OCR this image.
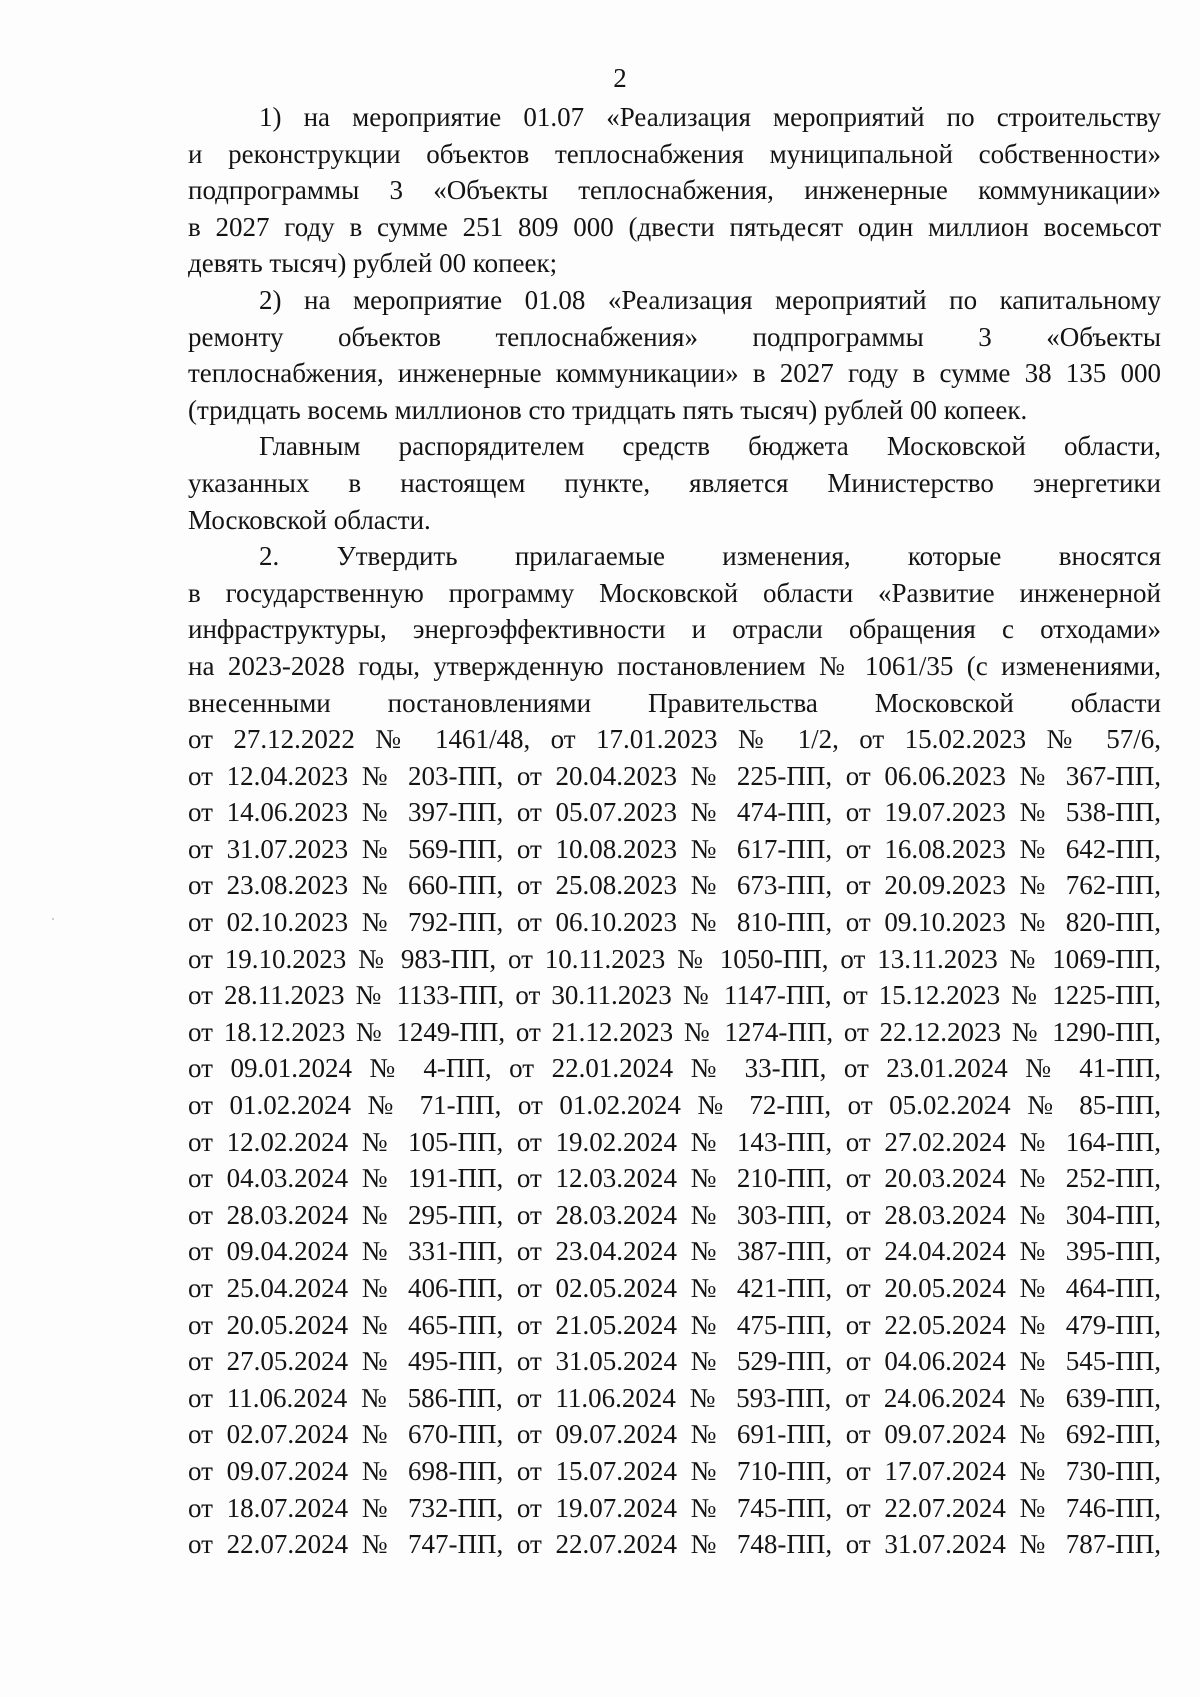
2
1) на мероприятие 01.07 «Реализация мероприятий по строительству
и реконструкции объектов теплоснабжения муниципальной собственности»
подпрограммы 3 «Объекты теплоснабжения, инженерные коммуникации»
в 2027 году в сумме 251 809 000 (двести пятьдесят один миллион восемьсот
девять тысяч) рублей 00 копеек;
2) на мероприятие 01.08 «Реализация мероприятий по капитальному
ремонту объектов теплоснабжения» подпрограммы 3 «Объекты
теплоснабжения, инженерные коммуникации» в 2027 году в сумме 38 135 000
(тридцать восемь миллионов сто тридцать пять тысяч) рублей 00 копеек.
Главным распорядителем средств бюджета Московской области,
указанных в настоящем пункте, является Министерство энергетики
Московской области.
2. Утвердить прилагаемые изменения, которые вносятся
в государственную программу Московской области «Развитие инженерной
инфраструктуры, энергоэффективности и отрасли обращения с отходами»
на 2023-2028 годы, утвержденную постановлением № 1061/35 (с изменениями,
внесенными постановлениями Правительства Московской области
от 27.12.2022 № 1461/48, от 17.01.2023 № 1/2, от 15.02.2023 № 57/6,
от 12.04.2023 № 203-ПП, от 20.04.2023 № 225-ПП, от 06.06.2023 № 367-ПП,
от 14.06.2023 № 397-ПП, от 05.07.2023 № 474-ПП, от 19.07.2023 № 538-ПП,
от 31.07.2023 № 569-ПП, от 10.08.2023 № 617-ПП, от 16.08.2023 № 642-ПП,
от 23.08.2023 № 660-ПП, от 25.08.2023 № 673-ПП, от 20.09.2023 № 762-ПП,
от 02.10.2023 № 792-ПП, от 06.10.2023 № 810-ПП, от 09.10.2023 № 820-ПП,
от 19.10.2023 № 983-ПП, от 10.11.2023 № 1050-ПП, от 13.11.2023 № 1069-ПП,
от 28.11.2023 № 1133-ПП, от 30.11.2023 № 1147-ПП, от 15.12.2023 № 1225-ПП,
от 18.12.2023 № 1249-ПП, от 21.12.2023 № 1274-ПП, от 22.12.2023 № 1290-ПП,
от 09.01.2024 № 4-ПП, от 22.01.2024 № 33-ПП, от 23.01.2024 № 41-ПП,
от 01.02.2024 № 71-ПП, от 01.02.2024 № 72-ПП, от 05.02.2024 № 85-ПП,
от 12.02.2024 № 105-ПП, от 19.02.2024 № 143-ПП, от 27.02.2024 № 164-ПП,
от 04.03.2024 № 191-ПП, от 12.03.2024 № 210-ПП, от 20.03.2024 № 252-ПП,
от 28.03.2024 № 295-ПП, от 28.03.2024 № 303-ПП, от 28.03.2024 № 304-ПП,
от 09.04.2024 № 331-ПП, от 23.04.2024 № 387-ПП, от 24.04.2024 № 395-ПП,
от 25.04.2024 № 406-ПП, от 02.05.2024 № 421-ПП, от 20.05.2024 № 464-ПП,
от 20.05.2024 № 465-ПП, от 21.05.2024 № 475-ПП, от 22.05.2024 № 479-ПП,
от 27.05.2024 № 495-ПП, от 31.05.2024 № 529-ПП, от 04.06.2024 № 545-ПП,
от 11.06.2024 № 586-ПП, от 11.06.2024 № 593-ПП, от 24.06.2024 № 639-ПП,
от 02.07.2024 № 670-ПП, от 09.07.2024 № 691-ПП, от 09.07.2024 № 692-ПП,
от 09.07.2024 № 698-ПП, от 15.07.2024 № 710-ПП, от 17.07.2024 № 730-ПП,
от 18.07.2024 № 732-ПП, от 19.07.2024 № 745-ПП, от 22.07.2024 № 746-ПП,
от 22.07.2024 № 747-ПП, от 22.07.2024 № 748-ПП, от 31.07.2024 № 787-ПП,
